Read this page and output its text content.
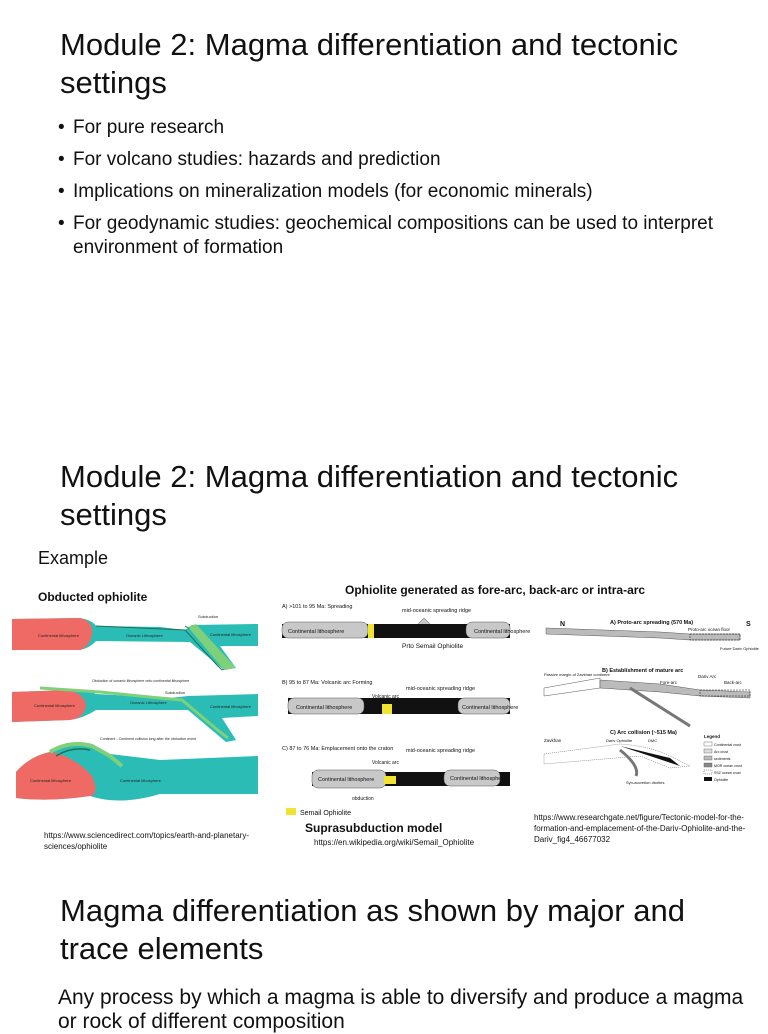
Module 2: Magma differentiation and tectonic settings
• For pure research
• For volcano studies: hazards and prediction
• Implications on mineralization models (for economic minerals)
• For geodynamic studies: geochemical compositions can be used to interpret environment of formation
Module 2: Magma differentiation and tectonic settings
Example
Obducted ophiolite	Ophiolite generated as fore-arc, back-arc or intra-arc
Continental lithosphere	Oceanic Lithosphere
Subduction
Continental lithosphere
Continental lithosphere
Oceanic Lithosphere
Continental lithosphere
Obduction of oceanic lithosphere onto continental lithosphere
Subduction
Continental lithosphere	Continental lithosphere
Continent - Continent collision long after the obduction event
https://www.sciencedirect.com/topics/earth-and-planetary-sciences/ophiolite
A) >101 to 95 Ma: Spreading
mid-oceanic spreading ridge
Continental lithosphere	Continental lithosphere
Prto Semail Ophiolite
B) 95 to 87 Ma: Volcanic arc Forming
mid-oceanic spreading ridge
Continental lithosphere	Continental lithosphere
Volcanic arc
C) 87 to 76 Ma: Emplacement onto the craton mid-oceanic spreading ridge
Continental lithosphere	Continental lithosphere
Volcanic arc
obduction
Semail Ophiolite
Suprasubduction model
https://en.wikipedia.org/wiki/Semail_Ophiolite
N	S
A) Proto-arc spreading (570 Ma)
Proto-arc ocean floor
Future Dariv Ophiolite
B) Establishment of mature arc
Passive margin of Zavkhan continent
Fore-arc	Back-arc
Dariv Arc
C) Arc collision (~515 Ma)
Zavkhan	Dariv Ophiolite	DMC
Syn-accretion diorites
Legend
Continental crust
Arc crust
sediments
MOR ocean crust
SSZ ocean crust
Ophiolite
https://www.researchgate.net/figure/Tectonic-model-for-the-formation-and-emplacement-of-the-Dariv-Ophiolite-and-the-Dariv_fig4_46677032
Magma differentiation as shown by major and trace elements
Any process by which a magma is able to diversify and produce a magma or rock of different composition
